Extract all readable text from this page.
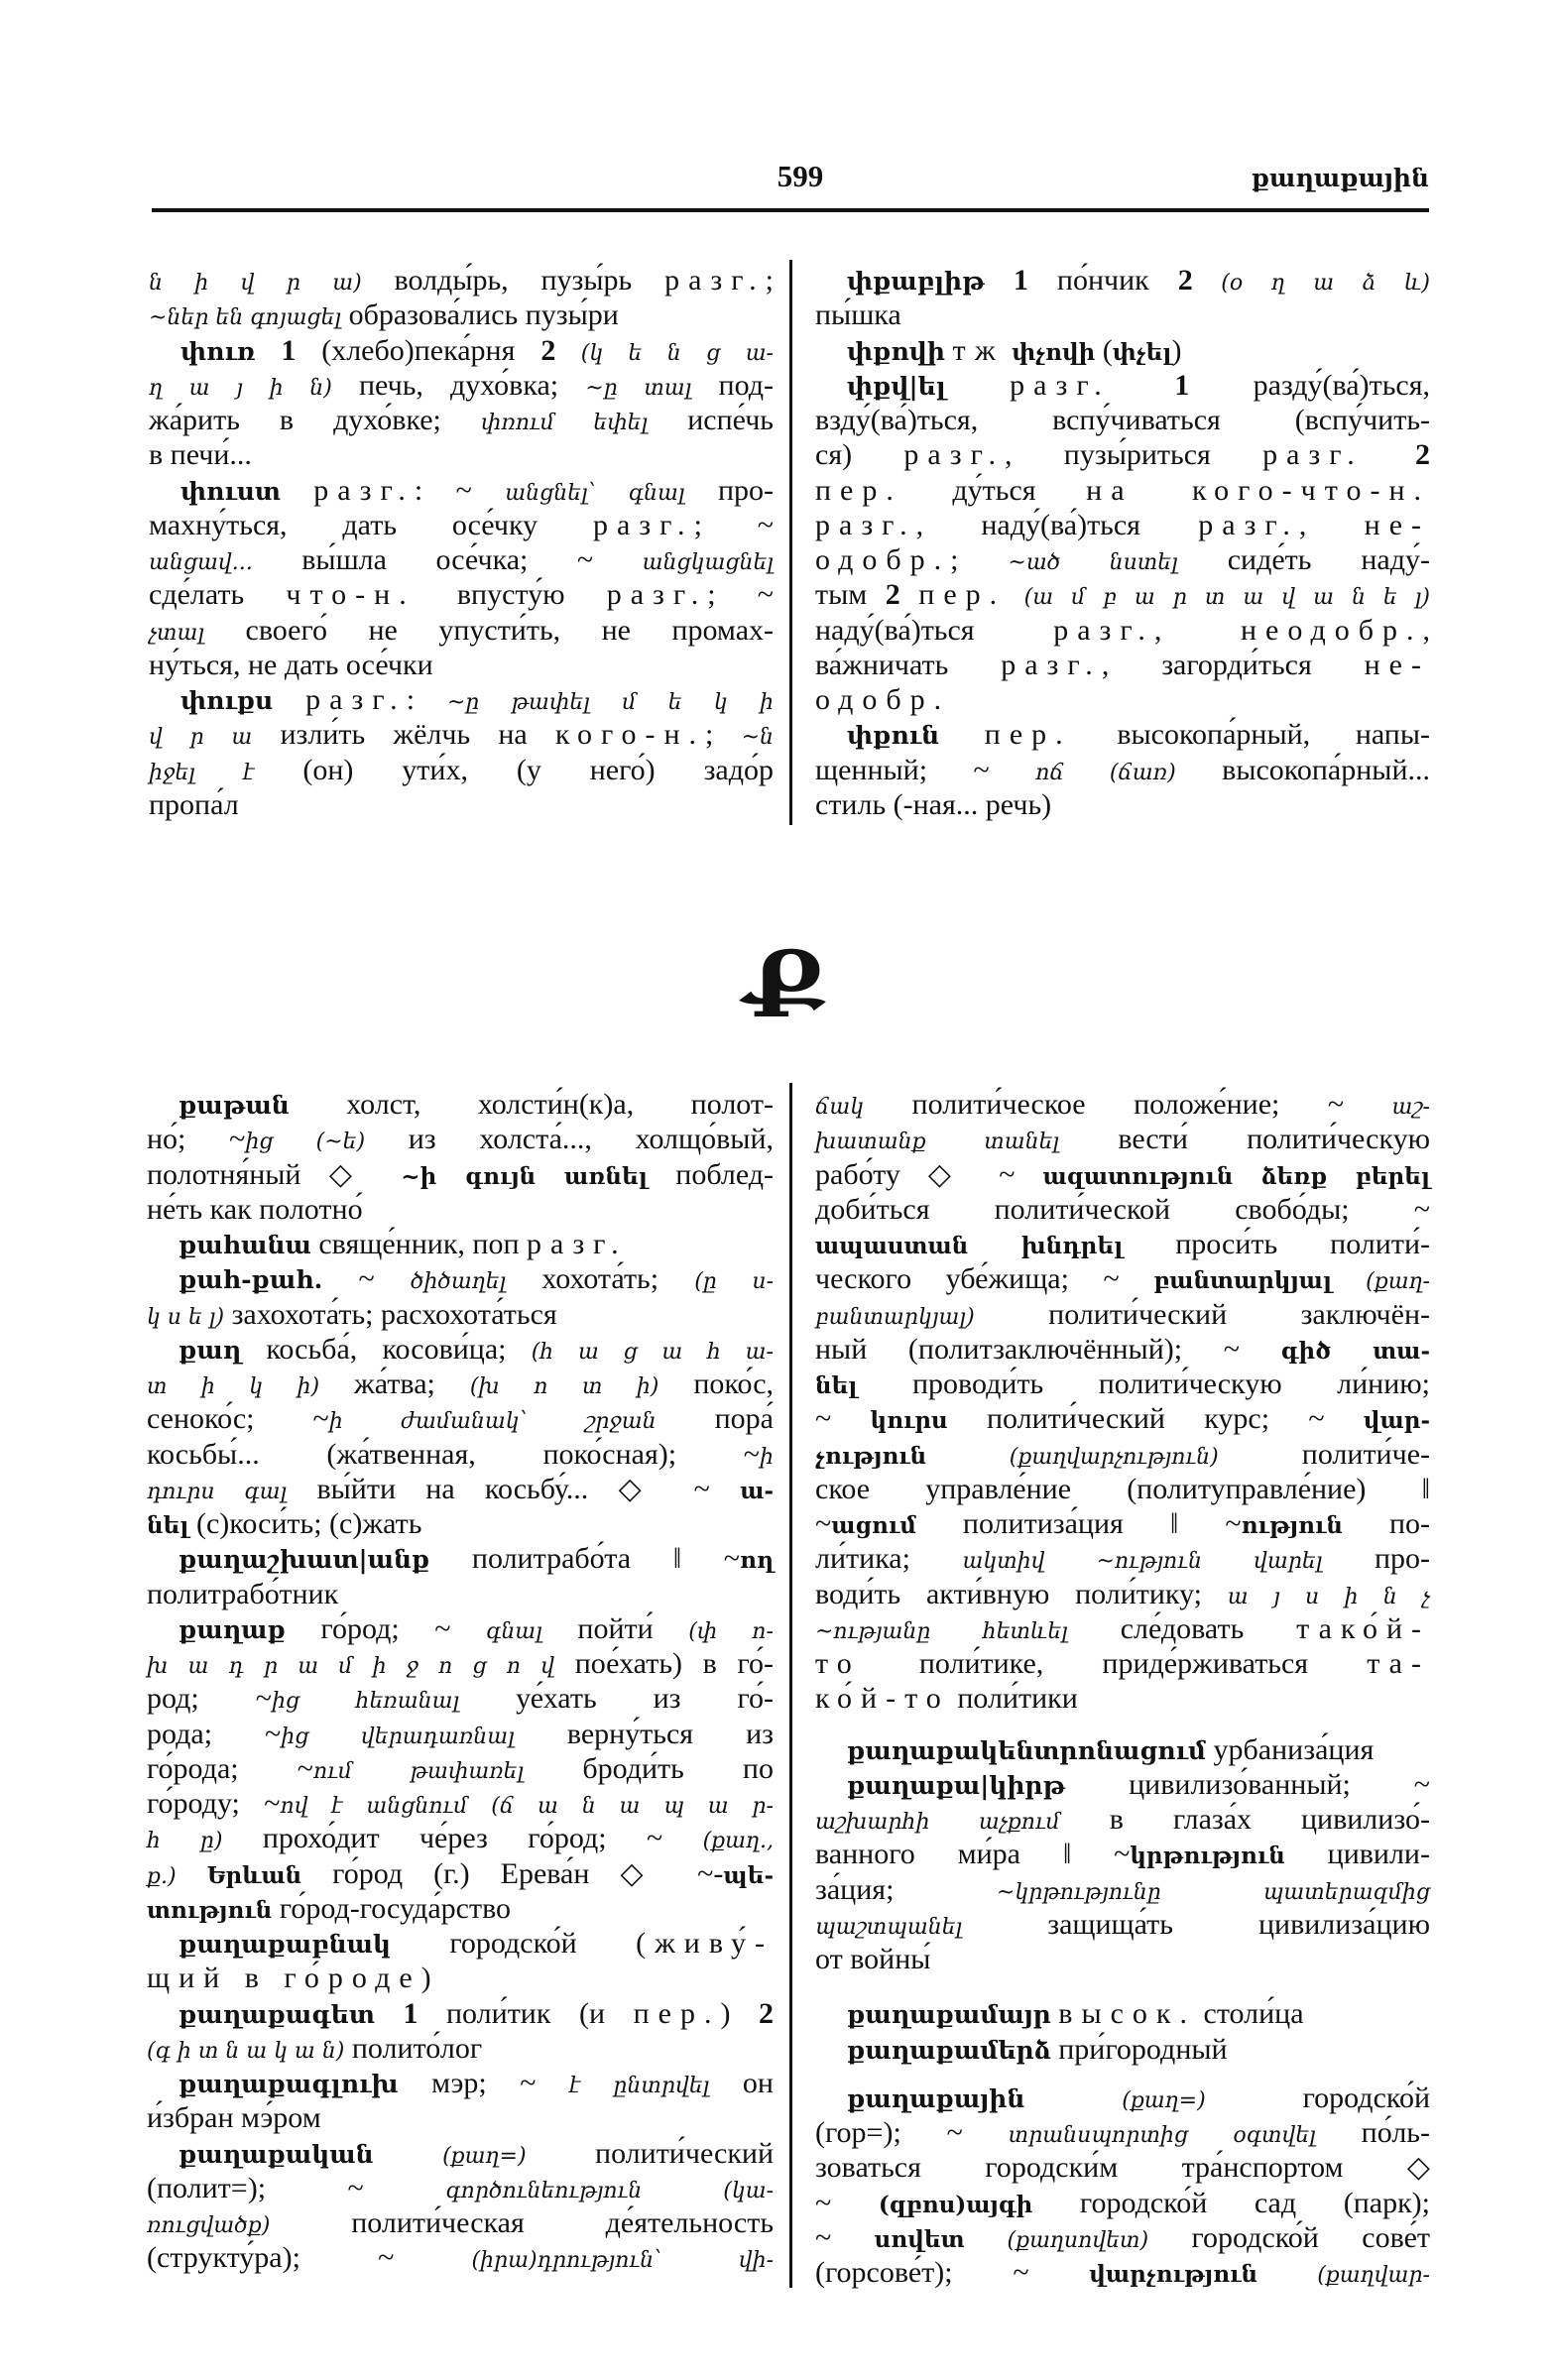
599	քաղաքային
ն ի վ ր ա) волды́рь, пузы́рь разг.;
~ներ են գոյացել образова́лись пузы́ри
փուռ 1 (хлебо)пека́рня 2 (կ ե ն ց ա-
ղ ա յ ի ն) печь, духо́вка; ~ը տալ под-
жа́рить в духо́вке; փռում եփել испе́чь
в печи́...
փուստ разг.: ~ անցնել՝ գնալ про-
махну́ться, дать осе́чку разг.; ~
անցավ... вы́шла осе́чка; ~ անցկացնել
сде́лать что-н. впусту́ю разг.; ~
չտալ своего́ не упусти́ть, не промах-
ну́ться, не дать осе́чки
փուքս разг.: ~ը թափել մ ե կ ի
վ ր ա изли́ть жёлчь на кого-н.; ~ն
իջել է (он) ути́х, (у него́) задо́р
пропа́л
փքաբլիթ 1 по́нчик 2 (օ ղ ա ձ և)
пы́шка
փքովի тж փչովի (փչել)
փքվ|ել разг. 1 разду́(ва́)ться,
взду́(ва́)ться, вспу́чиваться (вспу́чить-
ся) разг., пузы́риться разг. 2
пер. ду́ться на кого-что-н.
разг., наду́(ва́)ться разг., не-
одобр.; ~ած նստել сиде́ть наду́-
тым 2 пер. (ա մ բ ա ր տ ա վ ա ն ե լ)
наду́(ва́)ться разг., неодобр.,
ва́жничать разг., загорди́ться не-
одобр.
փքուն пер. высокопа́рный, напы-
щенный; ~ ոճ (ճառ) высокопа́рный...
стиль (-ная... речь)
Ք
քաթան холст, холсти́н(к)а, полот-
но́; ~ից (~ե) из холста́..., холщо́вый,
полотня́ный ◇ ~ի գույն առնել поблед-
не́ть как полотно́
քահանա свяще́нник, поп разг.
քահ-քահ. ~ ծիծաղել хохота́ть; (ը ս-
կ ս ե լ) захохота́ть; расхохота́ться
քաղ косьба́, косови́ца; (հ ա ց ա հ ա-
տ ի կ ի) жа́тва; (խ ո տ ի) поко́с,
сеноко́с; ~ի ժամանակ՝ շրջան пора́
косьбы́... (жа́твенная, поко́сная); ~ի
դուրս գալ вы́йти на косьбу́... ◇ ~ ա-
նել (с)коси́ть; (с)жать
քաղաշխատ|անք политрабо́та ‖ ~ող
политрабо́тник
քաղաք го́род; ~ գնալ пойти́ (փ ո-
խ ա դ ր ա մ ի ջ ո ց ո վ пое́хать) в го́-
род; ~ից հեռանալ уе́хать из го́-
рода; ~ից վերադառնալ верну́ться из
го́рода; ~ում թափառել броди́ть по
го́роду; ~ով է անցնում (ճ ա ն ա պ ա ր-
հ ը) прохо́дит че́рез го́род; ~ (քաղ.,
ք.) Երևան го́род (г.) Ерева́н ◇ ~-պե-
տություն го́род-госуда́рство
քաղաքաբնակ городско́й (живу́-
щий в го́роде)
քաղաքագետ 1 поли́тик (и пер.) 2
(գ ի տ ն ա կ ա ն) полито́лог
քաղաքագլուխ мэр; ~ է ընտրվել он
и́збран мэ́ром
քաղաքական	(քաղ=) полити́ческий
(полит=); ~ գործունեություն (կա-
ռուցվածք) полити́ческая де́ятельность
(структу́ра); ~ (իրա)դրություն՝ վի-
ճակ полити́ческое положе́ние; ~ աշ-
խատանք տանել вести́ полити́ческую
рабо́ту ◇ ~ ազատություն ձեռք բերել
доби́ться полити́ческой свобо́ды; ~
ապաստան խնդրել проси́ть полити́-
ческого убе́жища; ~ բանտարկյալ (քաղ-
բանտարկյալ) полити́ческий заключён-
ный (политзаключённый); ~ գիծ տա-
նել проводи́ть полити́ческую ли́нию;
~ կուրս полити́ческий курс; ~ վար-
չություն (քաղվարչություն) полити́че-
ское управле́ние (политуправле́ние) ‖
~ացում политиза́ция ‖ ~ություն по-
ли́тика; ակտիվ ~ություն վարել про-
води́ть акти́вную поли́тику; ա յ ս ի ն չ
~ությանը հետևել сле́довать тако́й-
то поли́тике, приде́рживаться та-
ко́й-то поли́тики
քաղաքակենտրոնացում урбаниза́ция
քաղաքա|կիրթ цивилизо́ванный; ~
աշխարհի աչքում в глаза́х цивилизо́-
ванного ми́ра ‖ ~կրթություն цивили-
за́ция; ~կրթությունը պատերազմից
պաշտպանել защища́ть цивилиза́цию
от войны́
քաղաքամայր высок. столи́ца
քաղաքամերձ при́городный
քաղաքային	(քաղ=) городско́й
(гор=); ~ տրանսպորտից օգտվել по́ль-
зоваться городски́м тра́нспортом ◇
~ (զբոս)այգի городско́й сад (парк);
~ սովետ (քաղսովետ) городско́й сове́т
(горсове́т); ~ վարչություն (քաղվար-
